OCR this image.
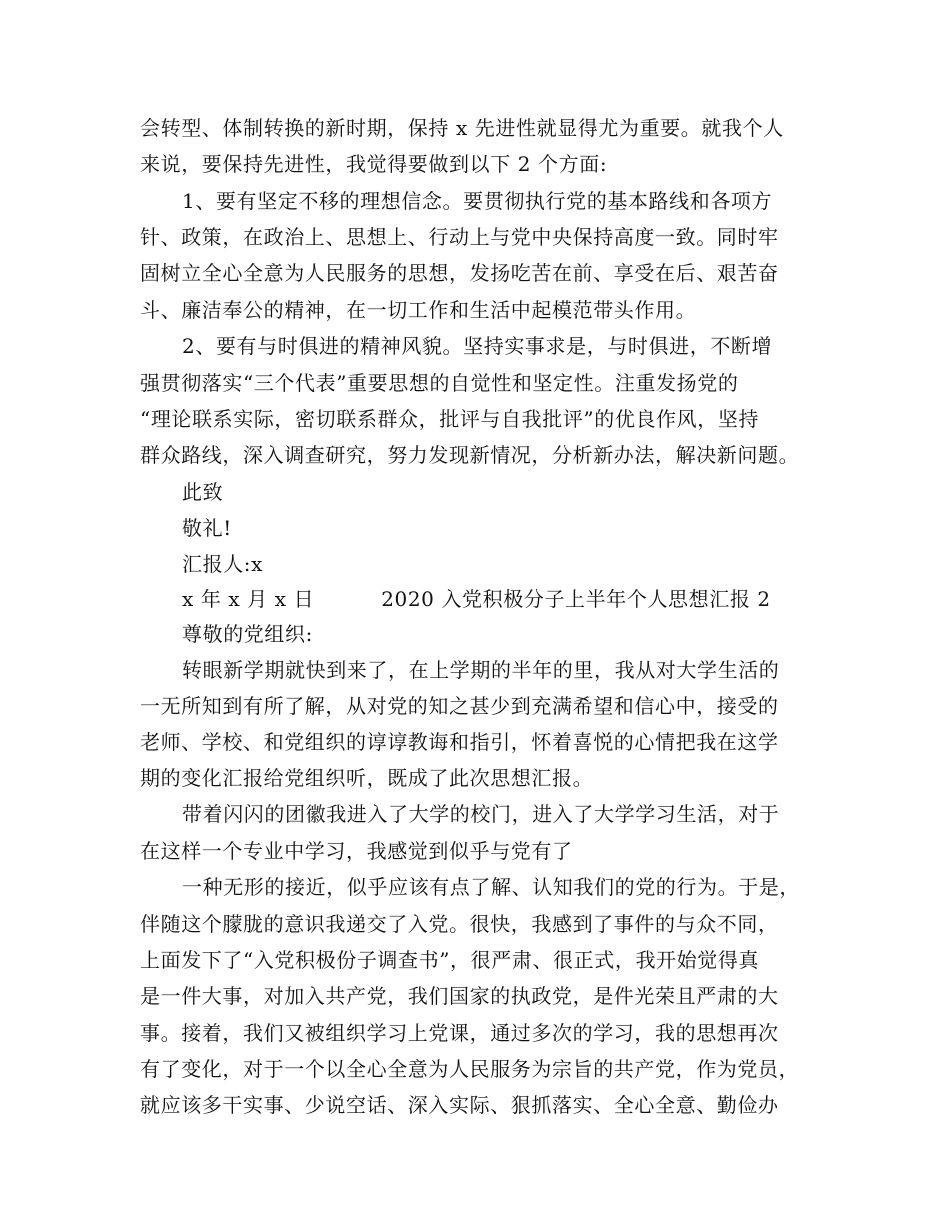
会转型、体制转换的新时期，保持 x 先进性就显得尤为重要。就我个人
来说，要保持先进性，我觉得要做到以下 2 个方面:
1、要有坚定不移的理想信念。要贯彻执行党的基本路线和各项方
针、政策，在政治上、思想上、行动上与党中央保持高度一致。同时牢
固树立全心全意为人民服务的思想，发扬吃苦在前、享受在后、艰苦奋
斗、廉洁奉公的精神，在一切工作和生活中起模范带头作用。
2、要有与时俱进的精神风貌。坚持实事求是，与时俱进，不断增
强贯彻落实“三个代表”重要思想的自觉性和坚定性。注重发扬党的
“理论联系实际，密切联系群众，批评与自我批评”的优良作风，坚持
群众路线，深入调查研究，努力发现新情况，分析新办法，解决新问题。
此致
敬礼!
汇报人:x
x 年 x 月 x 日	2020 入党积极分子上半年个人思想汇报 2
尊敬的党组织:
转眼新学期就快到来了，在上学期的半年的里，我从对大学生活的
一无所知到有所了解，从对党的知之甚少到充满希望和信心中，接受的
老师、学校、和党组织的谆谆教诲和指引，怀着喜悦的心情把我在这学
期的变化汇报给党组织听，既成了此次思想汇报。
带着闪闪的团徽我进入了大学的校门，进入了大学学习生活，对于
在这样一个专业中学习，我感觉到似乎与党有了
一种无形的接近，似乎应该有点了解、认知我们的党的行为。于是，
伴随这个朦胧的意识我递交了入党。很快，我感到了事件的与众不同，
上面发下了“入党积极份子调查书”，很严肃、很正式，我开始觉得真
是一件大事，对加入共产党，我们国家的执政党，是件光荣且严肃的大
事。接着，我们又被组织学习上党课，通过多次的学习，我的思想再次
有了变化，对于一个以全心全意为人民服务为宗旨的共产党，作为党员，
就应该多干实事、少说空话、深入实际、狠抓落实、全心全意、勤俭办
